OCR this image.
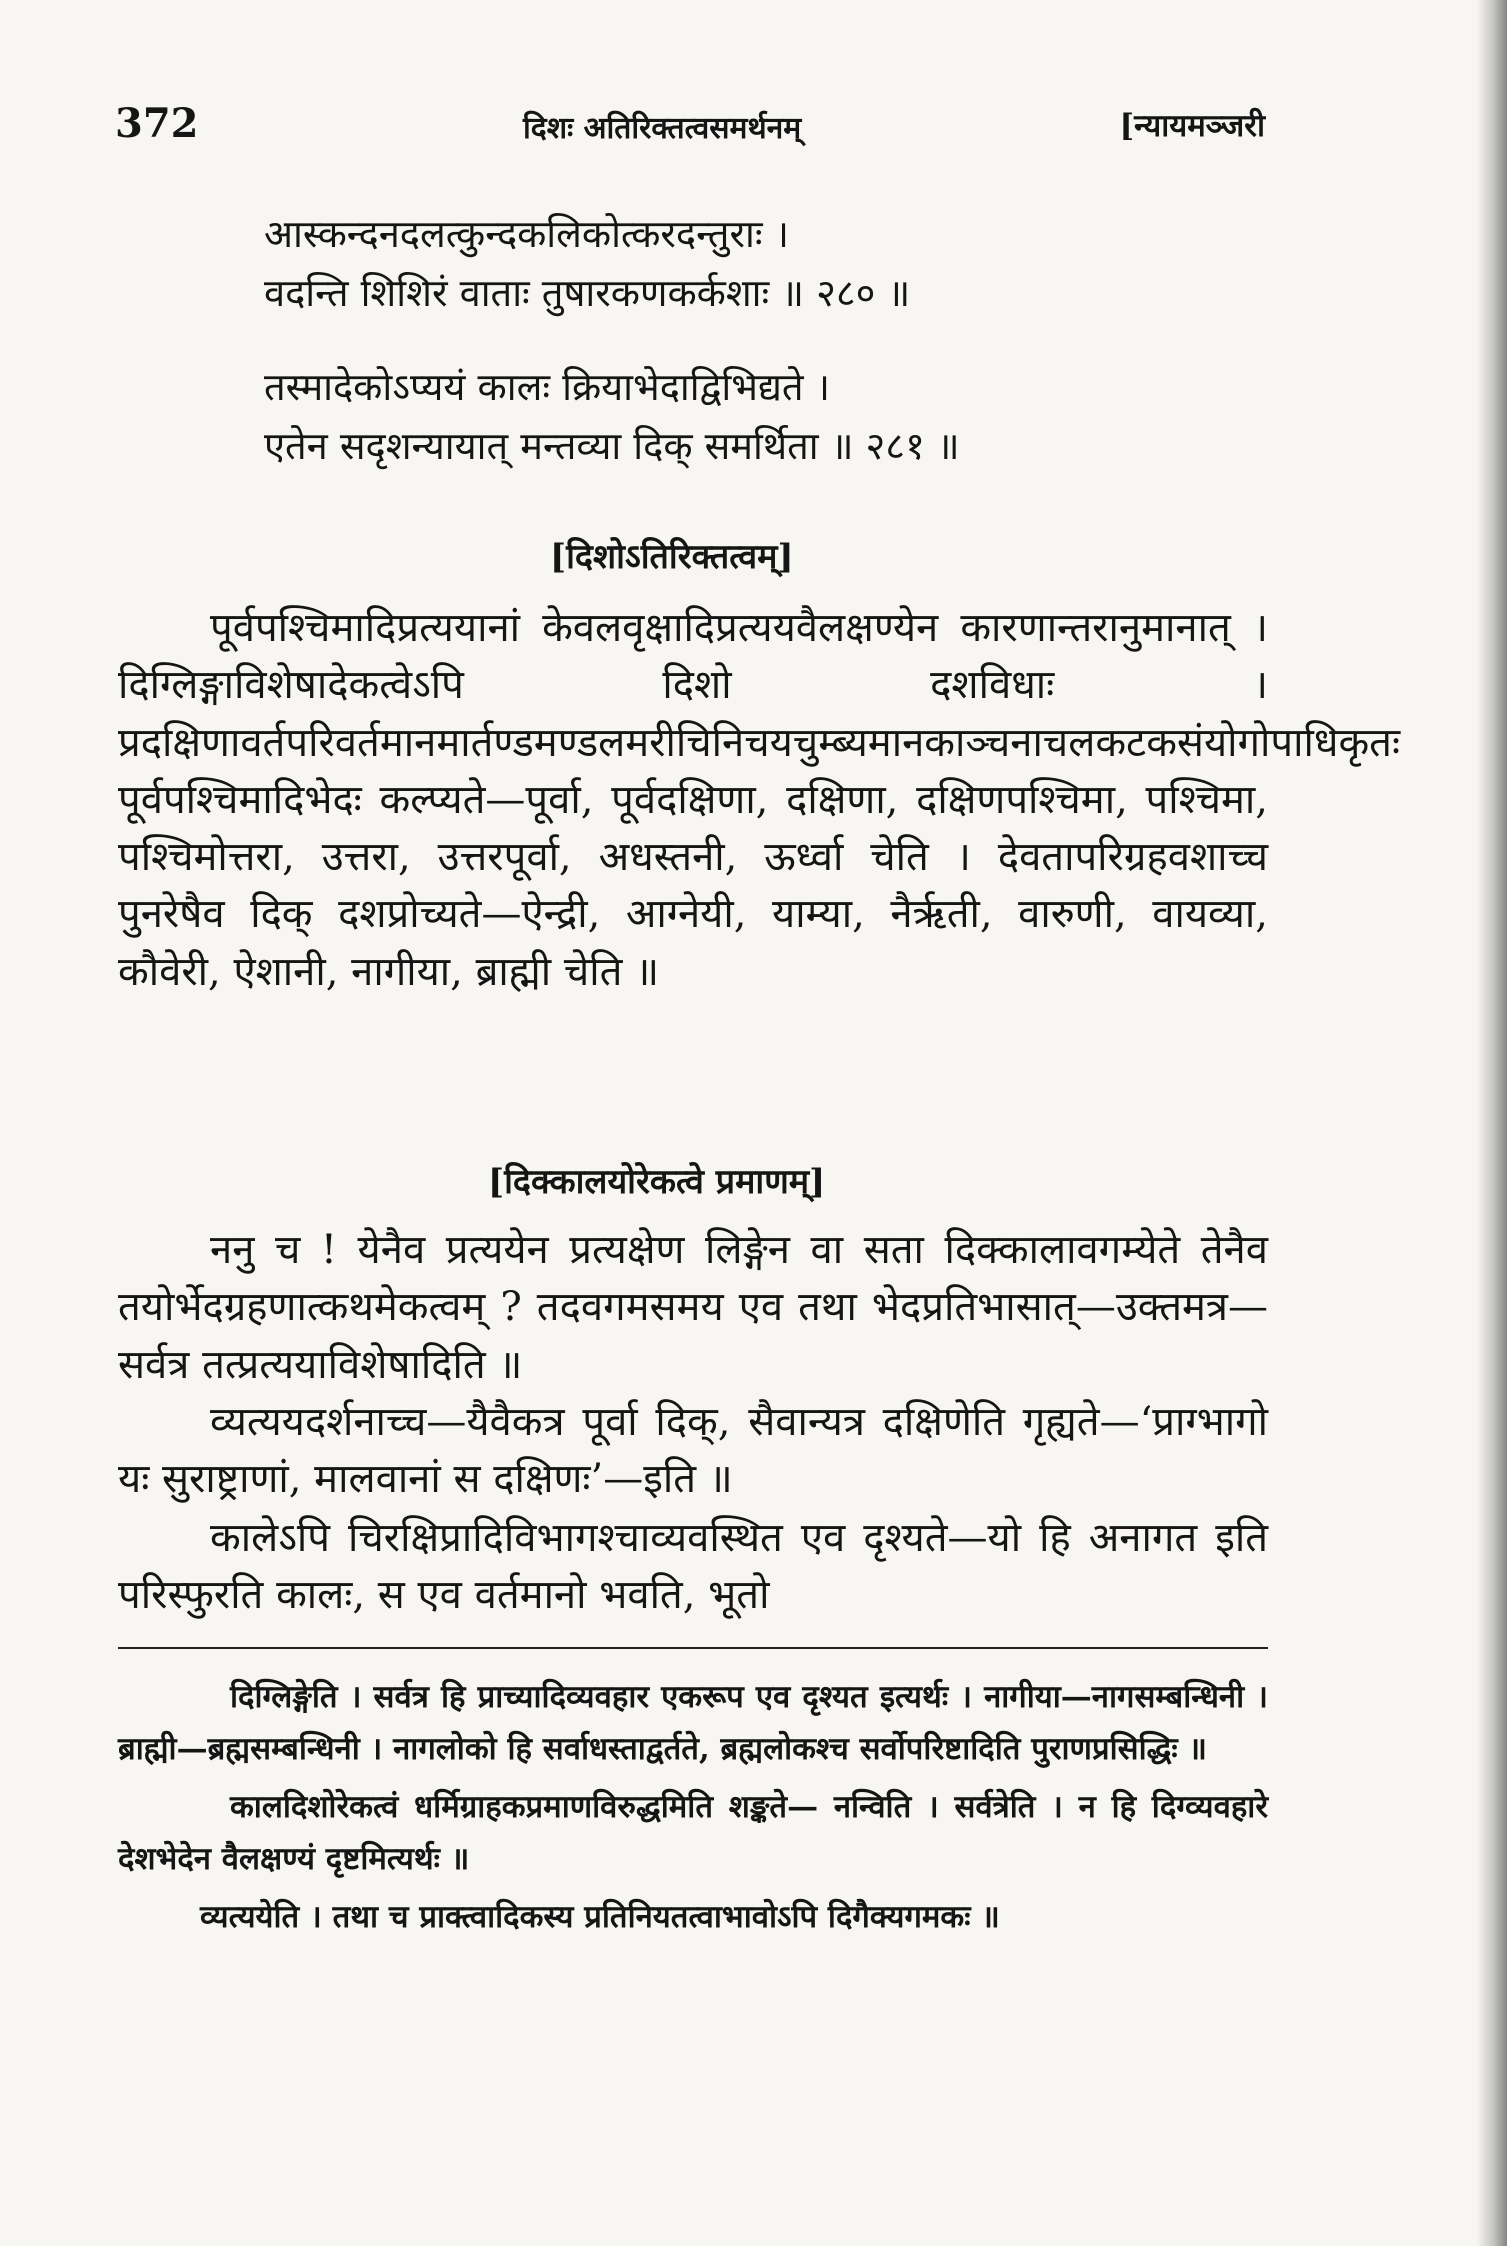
372	दिशः अतिरिक्तत्वसमर्थनम्	[न्यायमञ्जरी
आस्कन्दनदलत्कुन्दकलिकोत्करदन्तुराः ।
वदन्ति शिशिरं वाताः तुषारकणकर्कशाः ॥ २८० ॥
तस्मादेकोऽप्ययं कालः क्रियाभेदाद्विभिद्यते ।
एतेन सदृशन्यायात् मन्तव्या दिक् समर्थिता ॥ २८१ ॥
[दिशोऽतिरिक्तत्वम्]
पूर्वपश्चिमादिप्रत्ययानां केवलवृक्षादिप्रत्ययवैलक्षण्येन कारणान्तरानुमानात् । दिग्लिङ्गाविशेषादेकत्वेऽपि दिशो दशविधाः । प्रदक्षिणावर्तपरिवर्तमानमार्तण्डमण्डलमरीचिनिचयचुम्ब्यमानकाञ्चनाचलकटकसंयोगोपाधिकृतः पूर्वपश्चिमादिभेदः कल्प्यते—पूर्वा, पूर्वदक्षिणा, दक्षिणा, दक्षिणपश्चिमा, पश्चिमा, पश्चिमोत्तरा, उत्तरा, उत्तरपूर्वा, अधस्तनी, ऊर्ध्वा चेति । देवतापरिग्रहवशाच्च पुनरेषैव दिक् दशप्रोच्यते—ऐन्द्री, आग्नेयी, याम्या, नैर्ऋती, वारुणी, वायव्या, कौवेरी, ऐशानी, नागीया, ब्राह्मी चेति ॥
[दिक्कालयोरेकत्वे प्रमाणम्]
ननु च ! येनैव प्रत्ययेन प्रत्यक्षेण लिङ्गेन वा सता दिक्कालावगम्येते तेनैव तयोर्भेदग्रहणात्कथमेकत्वम् ? तदवगमसमय एव तथा भेदप्रतिभासात्—उक्तमत्र—सर्वत्र तत्प्रत्ययाविशेषादिति ॥
दिग्लिङ्गेति । सर्वत्र हि प्राच्यादिव्यवहार एकरूप एव दृश्यत इत्यर्थः । नागीया—नागसम्बन्धिनी । ब्राह्मी—ब्रह्मसम्बन्धिनी । नागलोको हि सर्वाधस्ताद्वर्तते, ब्रह्मलोकश्च सर्वोपरिष्टादिति पुराणप्रसिद्धिः ॥
कालदिशोरेकत्वं धर्मिग्राहकप्रमाणविरुद्धमिति शङ्कते— नन्विति । सर्वत्रेति । न हि दिग्व्यवहारे देशभेदेन वैलक्षण्यं दृष्टमित्यर्थः ॥
व्यत्ययेति । तथा च प्राक्त्वादिकस्य प्रतिनियतत्वाभावोऽपि दिगैक्यगमकः ॥
व्यत्ययदर्शनाच्च—यैवैकत्र पूर्वा दिक्, सैवान्यत्र दक्षिणेति गृह्यते—‘प्राग्भागो यः सुराष्ट्राणां, मालवानां स दक्षिणः’—इति ॥
कालेऽपि चिरक्षिप्रादिविभागश्चाव्यवस्थित एव दृश्यते—यो हि अनागत इति परिस्फुरति कालः, स एव वर्तमानो भवति, भूतो
